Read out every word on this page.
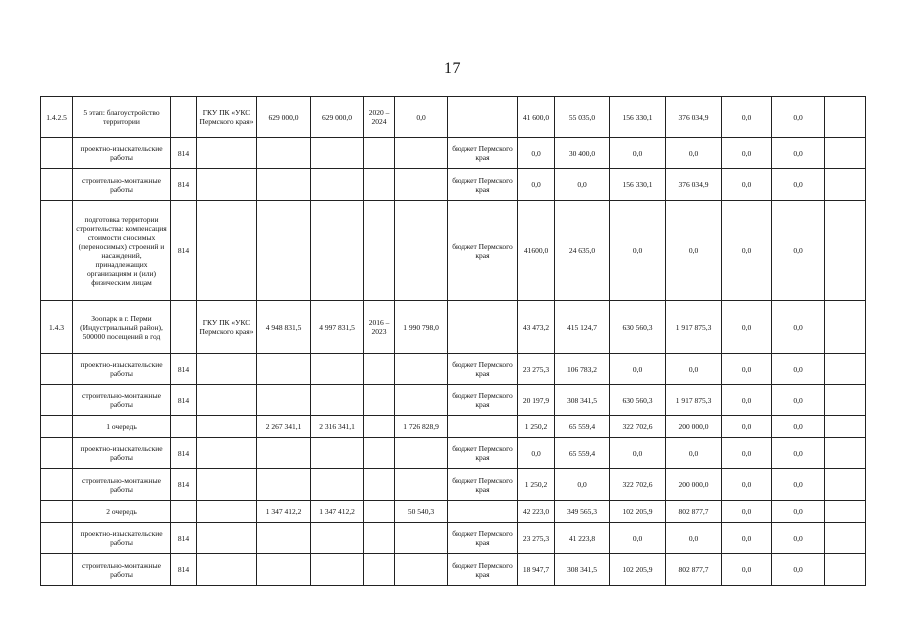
17
1.4.2.5	5 этап: благоустройство территории		ГКУ ПК «УКС Пермского края»	629 000,0	629 000,0	2020 – 2024	0,0		41 600,0	55 035,0	156 330,1	376 034,9	0,0	0,0	
	проектно-изыскательские работы	814						бюджет Пермского края	0,0	30 400,0	0,0	0,0	0,0	0,0	
	строительно-монтажные работы	814						бюджет Пермского края	0,0	0,0	156 330,1	376 034,9	0,0	0,0	
	подготовка территории строительства: компенсация стоимости сносимых (переносимых) строений и насаждений, принадлежащих организациям и (или) физическим лицам	814						бюджет Пермского края	41600,0	24 635,0	0,0	0,0	0,0	0,0	
1.4.3	Зоопарк в г. Перми (Индустриальный район), 500000 посещений в год		ГКУ ПК «УКС Пермского края»	4 948 831,5	4 997 831,5	2016 – 2023	1 990 798,0		43 473,2	415 124,7	630 560,3	1 917 875,3	0,0	0,0	
	проектно-изыскательские работы	814						бюджет Пермского края	23 275,3	106 783,2	0,0	0,0	0,0	0,0	
	строительно-монтажные работы	814						бюджет Пермского края	20 197,9	308 341,5	630 560,3	1 917 875,3	0,0	0,0	
	1 очередь			2 267 341,1	2 316 341,1		1 726 828,9		1 250,2	65 559,4	322 702,6	200 000,0	0,0	0,0	
	проектно-изыскательские работы	814						бюджет Пермского края	0,0	65 559,4	0,0	0,0	0,0	0,0	
	строительно-монтажные работы	814						бюджет Пермского края	1 250,2	0,0	322 702,6	200 000,0	0,0	0,0	
	2 очередь			1 347 412,2	1 347 412,2		50 540,3		42 223,0	349 565,3	102 205,9	802 877,7	0,0	0,0	
	проектно-изыскательские работы	814						бюджет Пермского края	23 275,3	41 223,8	0,0	0,0	0,0	0,0	
	строительно-монтажные работы	814						бюджет Пермского края	18 947,7	308 341,5	102 205,9	802 877,7	0,0	0,0	
